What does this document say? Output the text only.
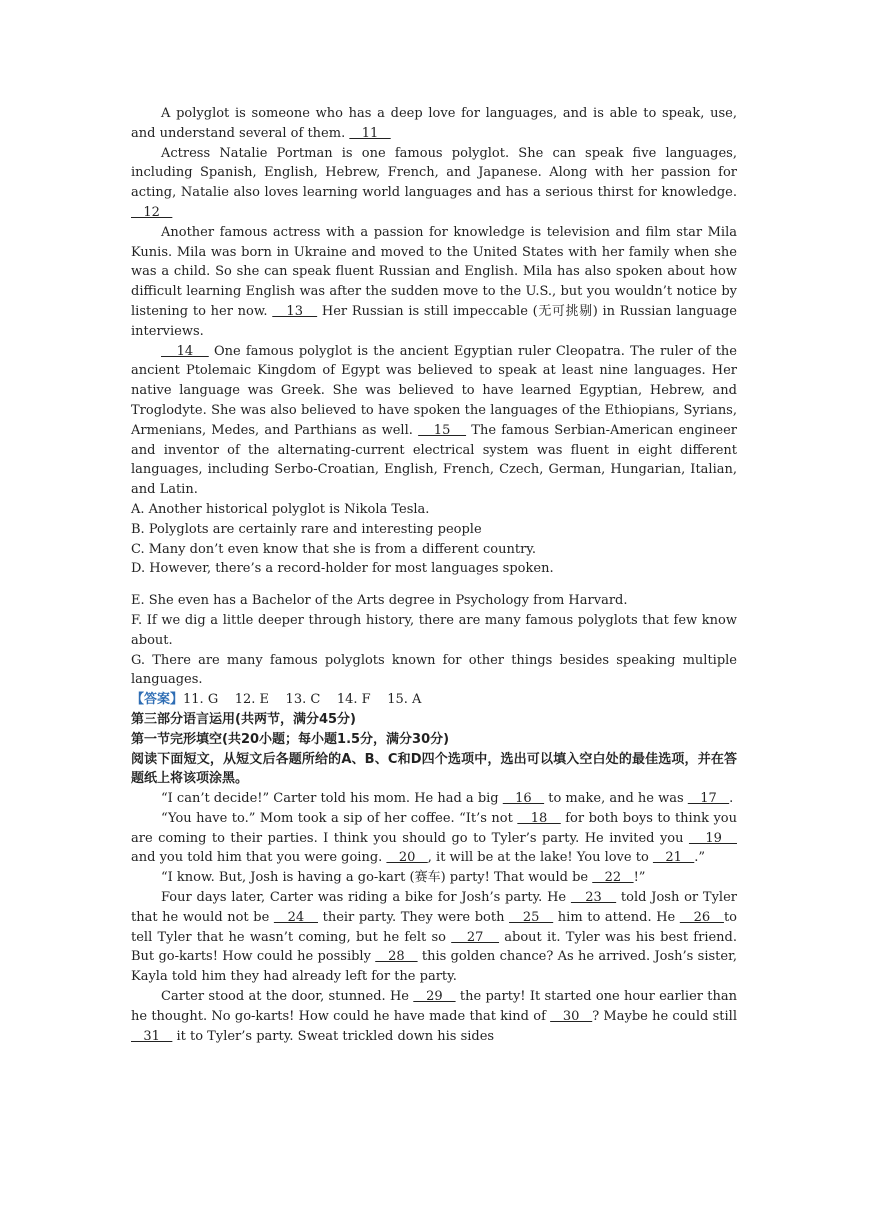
A polyglot is someone who has a deep love for languages, and is able to speak, use, and understand several of them.    11

Actress Natalie Portman is one famous polyglot. She can speak five languages, including Spanish, English, Hebrew, French, and Japanese. Along with her passion for acting, Natalie also loves learning world languages and has a serious thirst for knowledge.    12

Another famous actress with a passion for knowledge is television and film star Mila Kunis. Mila was born in Ukraine and moved to the United States with her family when she was a child. So she can speak fluent Russian and English. Mila has also spoken about how difficult learning English was after the sudden move to the U.S., but you wouldn’t notice by listening to her now.    13    Her Russian is still impeccable (无可挑剔) in Russian language interviews.

14    One famous polyglot is the ancient Egyptian ruler Cleopatra. The ruler of the ancient Ptolemaic Kingdom of Egypt was believed to speak at least nine languages. Her native language was Greek. She was believed to have learned Egyptian, Hebrew, and Troglodyte. She was also believed to have spoken the languages of the Ethiopians, Syrians, Armenians, Medes, and Parthians as well.    15    The famous Serbian-American engineer and inventor of the alternating-current electrical system was fluent in eight different languages, including Serbo-Croatian, English, French, Czech, German, Hungarian, Italian, and Latin.

A. Another historical polyglot is Nikola Tesla.

B. Polyglots are certainly rare and interesting people

C. Many don’t even know that she is from a different country.

D. However, there’s a record-holder for most languages spoken.

E. She even has a Bachelor of the Arts degree in Psychology from Harvard.

F. If we dig a little deeper through history, there are many famous polyglots that few know about.

G. There are many famous polyglots known for other things besides speaking multiple languages.

【答案】11. G    12. E    13. C    14. F    15. A

第三部分语言运用(共两节，满分45分)

第一节完形填空(共20小题；每小题1.5分，满分30分)

阅读下面短文，从短文后各题所给的A、B、C和D四个选项中，选出可以填入空白处的最佳选项，并在答题纸上将该项涂黑。

“I can’t decide!” Carter told his mom. He had a big    16    to make, and he was    17   .

“You have to.” Mom took a sip of her coffee. “It’s not    18    for both boys to think you are coming to their parties. I think you should go to Tyler’s party. He invited you    19    and you told him that you were going.    20   , it will be at the lake! You love to    21   .”

“I know. But, Josh is having a go-kart (赛车) party! That would be    22   !”

Four days later, Carter was riding a bike for Josh’s party. He    23    told Josh or Tyler that he would not be    24    their party. They were both    25    him to attend. He    26   to tell Tyler that he wasn’t coming, but he felt so    27    about it. Tyler was his best friend. But go-karts! How could he possibly    28    this golden chance? As he arrived. Josh’s sister, Kayla told him they had already left for the party.

Carter stood at the door, stunned. He    29    the party! It started one hour earlier than he thought. No go-karts! How could he have made that kind of    30   ? Maybe he could still    31    it to Tyler’s party. Sweat trickled down his sides
